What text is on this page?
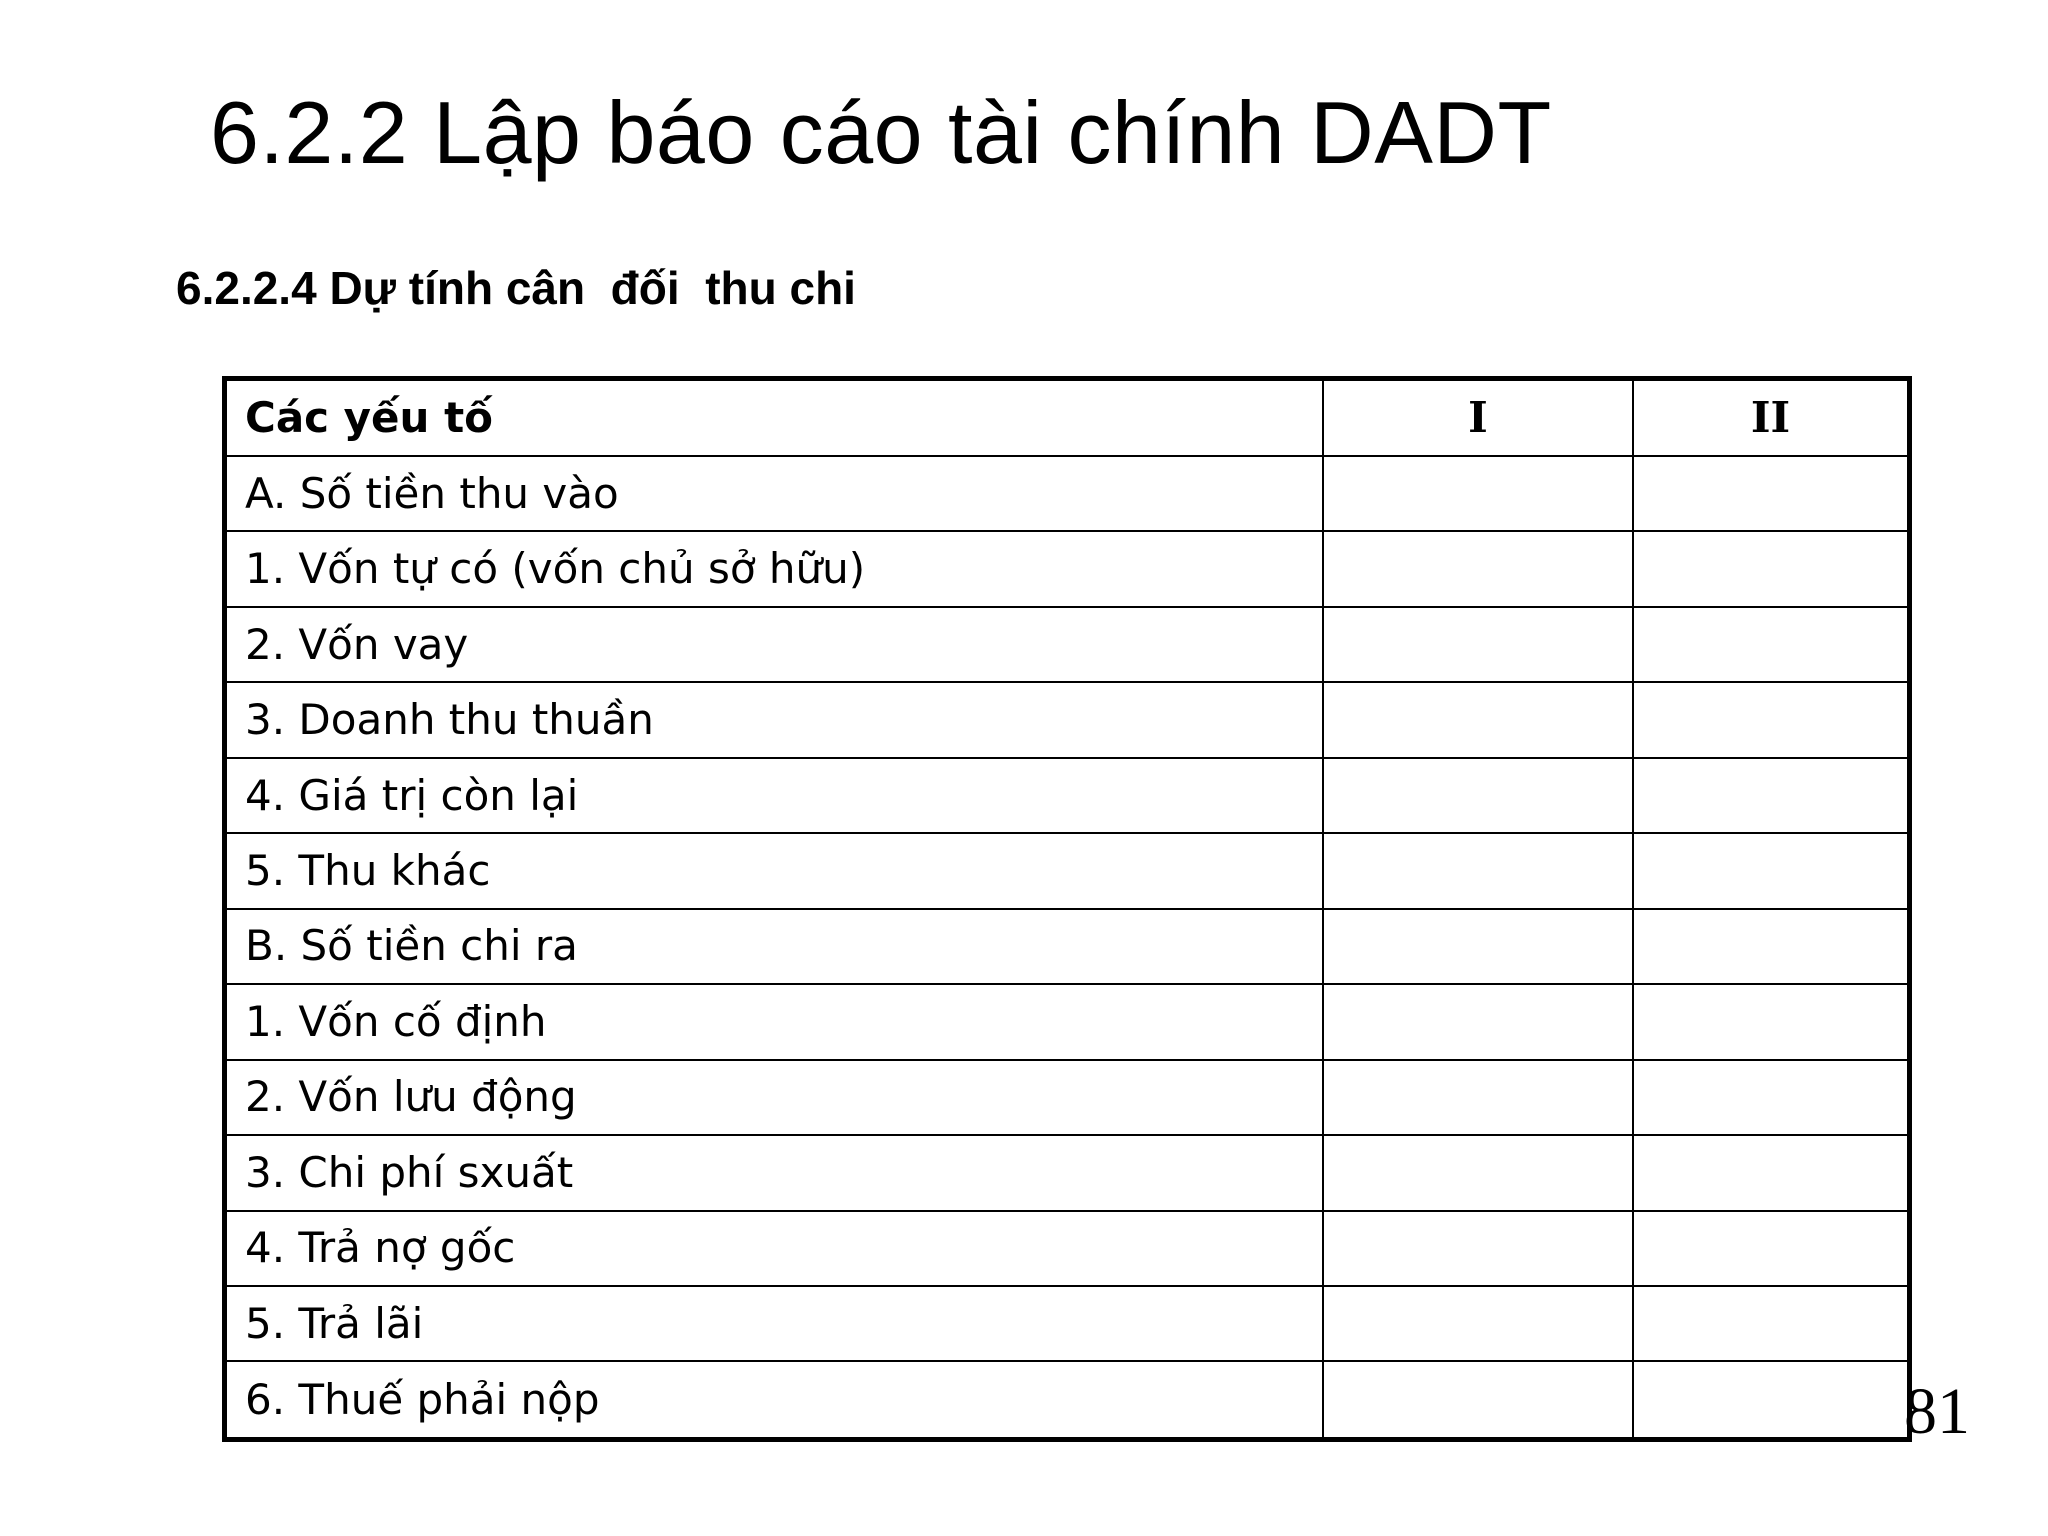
6.2.2 Lập báo cáo tài chính DADT
6.2.2.4 Dự tính cân  đối  thu chi
Các yếu tố	I	II
A. Số tiền thu vào		
1. Vốn tự có (vốn chủ sở hữu)		
2. Vốn vay		
3. Doanh thu thuần		
4. Giá trị còn lại		
5. Thu khác		
B. Số tiền chi ra		
1. Vốn cố định		
2. Vốn lưu động		
3. Chi phí sxuất		
4. Trả nợ gốc		
5. Trả lãi		
6. Thuế phải nộp			81
